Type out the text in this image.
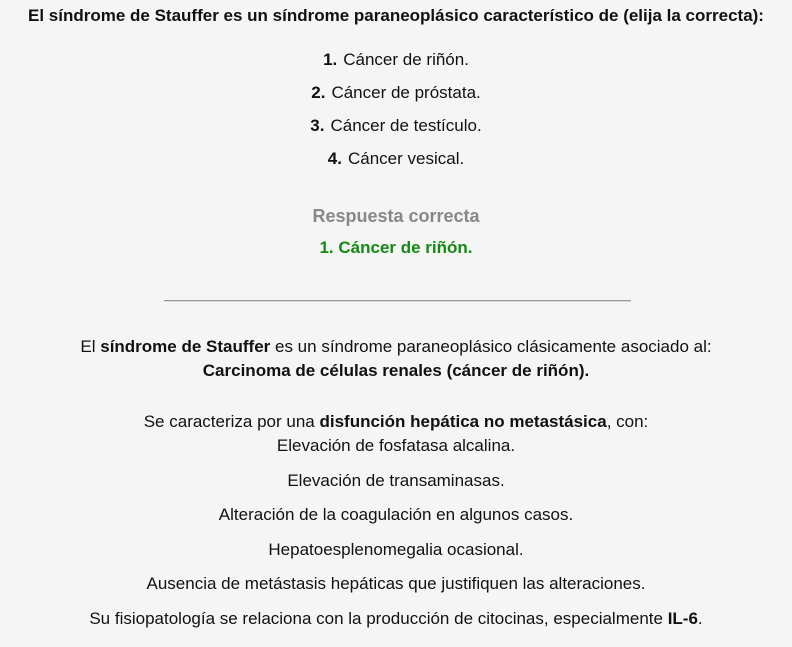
El síndrome de Stauffer es un síndrome paraneoplásico característico de (elija la correcta):
1. Cáncer de riñón.
2. Cáncer de próstata.
3. Cáncer de testículo.
4. Cáncer vesical.
Respuesta correcta
1. Cáncer de riñón.
El síndrome de Stauffer es un síndrome paraneoplásico clásicamente asociado al:
Carcinoma de células renales (cáncer de riñón).
Se caracteriza por una disfunción hepática no metastásica, con:
Elevación de fosfatasa alcalina.
Elevación de transaminasas.
Alteración de la coagulación en algunos casos.
Hepatoesplenomegalia ocasional.
Ausencia de metástasis hepáticas que justifiquen las alteraciones.
Su fisiopatología se relaciona con la producción de citocinas, especialmente IL-6.
